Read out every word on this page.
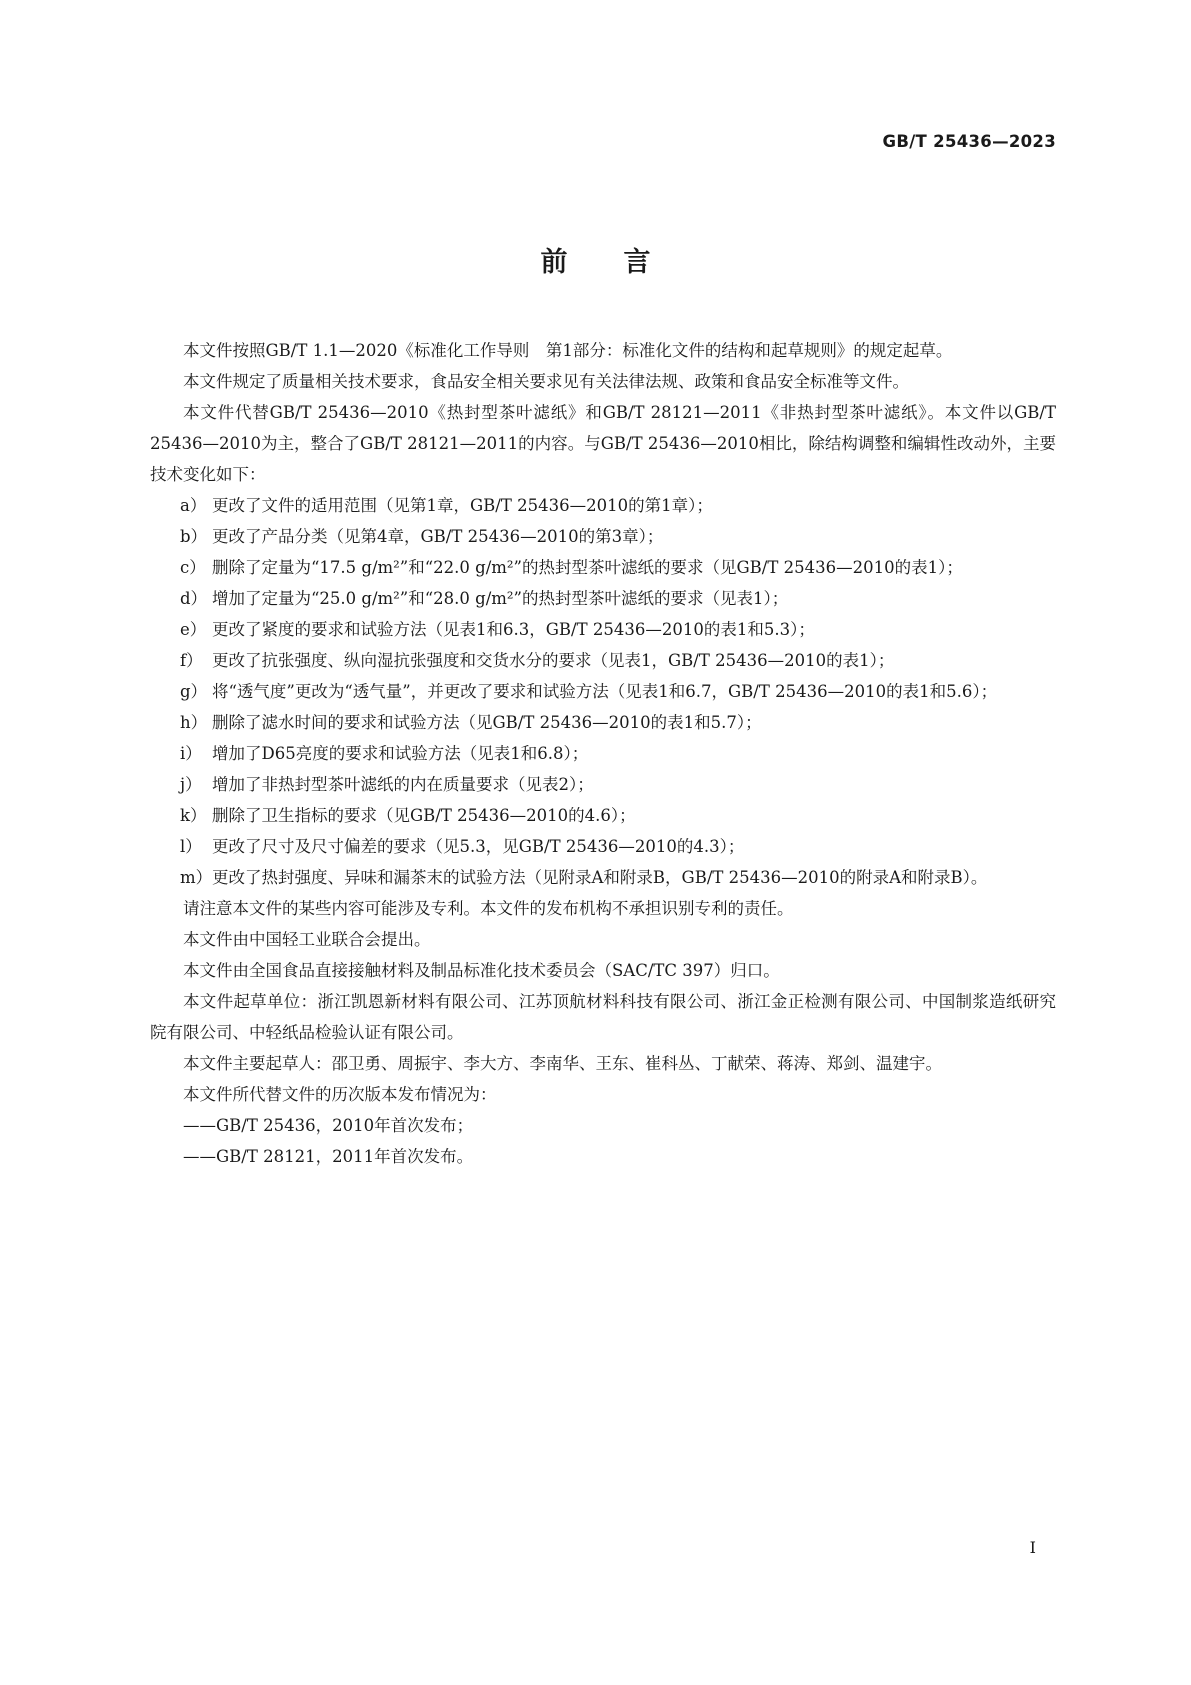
GB/T 25436—2023
前 言

本文件按照GB/T 1.1—2020《标准化工作导则　第1部分：标准化文件的结构和起草规则》的规定起草。

本文件规定了质量相关技术要求，食品安全相关要求见有关法律法规、政策和食品安全标准等文件。

本文件代替GB/T 25436—2010《热封型茶叶滤纸》和GB/T 28121—2011《非热封型茶叶滤纸》。本文件以GB/T 25436—2010为主，整合了GB/T 28121—2011的内容。与GB/T 25436—2010相比，除结构调整和编辑性改动外，主要技术变化如下：

a） 更改了文件的适用范围（见第1章，GB/T 25436—2010的第1章）；
b） 更改了产品分类（见第4章，GB/T 25436—2010的第3章）；
c） 删除了定量为“17.5 g/m²”和“22.0 g/m²”的热封型茶叶滤纸的要求（见GB/T 25436—2010的表1）；
d） 增加了定量为“25.0 g/m²”和“28.0 g/m²”的热封型茶叶滤纸的要求（见表1）；
e） 更改了紧度的要求和试验方法（见表1和6.3，GB/T 25436—2010的表1和5.3）；
f） 更改了抗张强度、纵向湿抗张强度和交货水分的要求（见表1，GB/T 25436—2010的表1）；
g） 将“透气度”更改为“透气量”，并更改了要求和试验方法（见表1和6.7，GB/T 25436—2010的表1和5.6）；
h） 删除了滤水时间的要求和试验方法（见GB/T 25436—2010的表1和5.7）；
i） 增加了D65亮度的要求和试验方法（见表1和6.8）；
j） 增加了非热封型茶叶滤纸的内在质量要求（见表2）；
k） 删除了卫生指标的要求（见GB/T 25436—2010的4.6）；
l） 更改了尺寸及尺寸偏差的要求（见5.3，见GB/T 25436—2010的4.3）；
m） 更改了热封强度、异味和漏茶末的试验方法（见附录A和附录B，GB/T 25436—2010的附录A和附录B）。

请注意本文件的某些内容可能涉及专利。本文件的发布机构不承担识别专利的责任。

本文件由中国轻工业联合会提出。

本文件由全国食品直接接触材料及制品标准化技术委员会（SAC/TC 397）归口。

本文件起草单位：浙江凯恩新材料有限公司、江苏顶航材料科技有限公司、浙江金正检测有限公司、中国制浆造纸研究院有限公司、中轻纸品检验认证有限公司。

本文件主要起草人：邵卫勇、周振宇、李大方、李南华、王东、崔科丛、丁献荣、蒋涛、郑剑、温建宇。

本文件所代替文件的历次版本发布情况为：

——GB/T 25436，2010年首次发布；

——GB/T 28121，2011年首次发布。

I
